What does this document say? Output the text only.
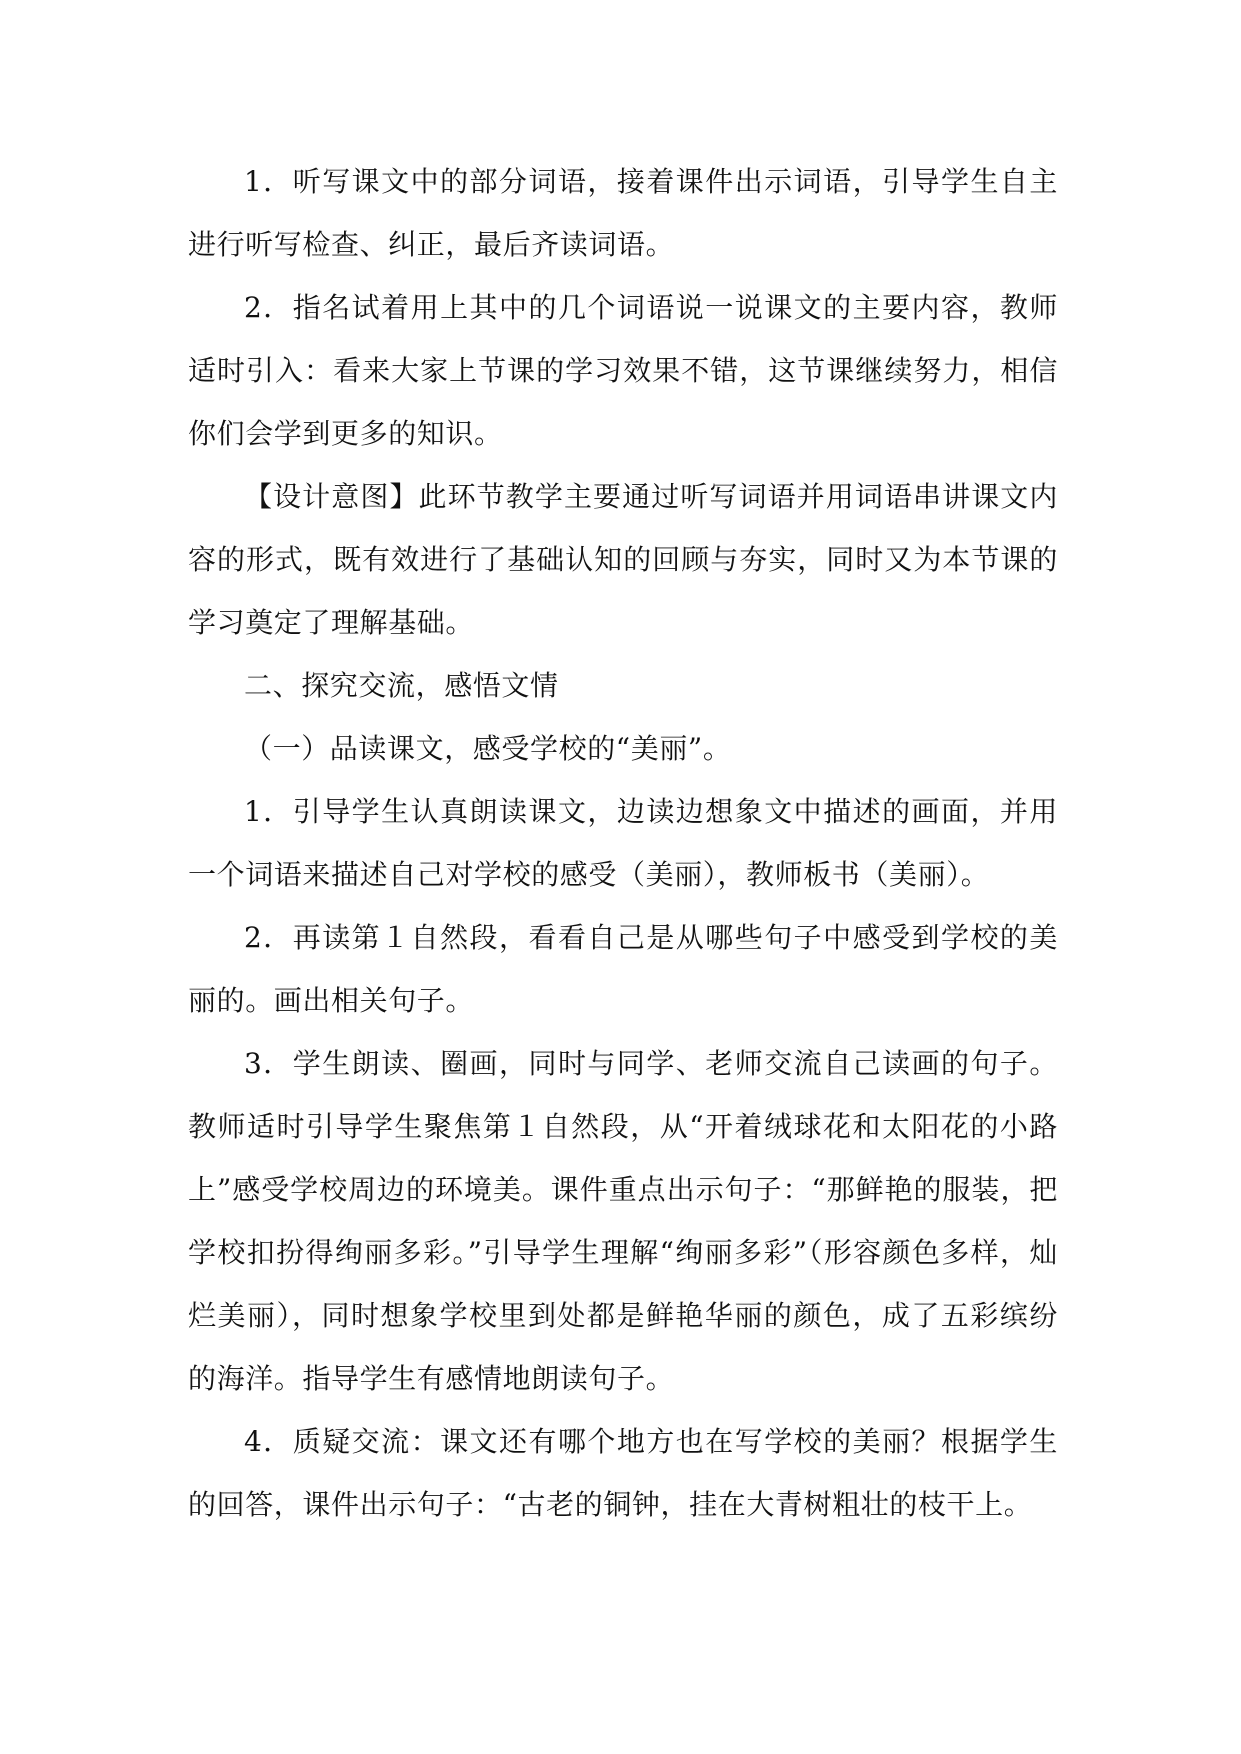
1．听写课文中的部分词语，接着课件出示词语，引导学生自主进行听写检查、纠正，最后齐读词语。

2．指名试着用上其中的几个词语说一说课文的主要内容，教师适时引入：看来大家上节课的学习效果不错，这节课继续努力，相信你们会学到更多的知识。

【设计意图】此环节教学主要通过听写词语并用词语串讲课文内容的形式，既有效进行了基础认知的回顾与夯实，同时又为本节课的学习奠定了理解基础。

二、探究交流，感悟文情

（一）品读课文，感受学校的“美丽”。

1．引导学生认真朗读课文，边读边想象文中描述的画面，并用一个词语来描述自己对学校的感受（美丽），教师板书（美丽）。

2．再读第１自然段，看看自己是从哪些句子中感受到学校的美丽的。画出相关句子。

3．学生朗读、圈画，同时与同学、老师交流自己读画的句子。教师适时引导学生聚焦第１自然段，从“开着绒球花和太阳花的小路上”感受学校周边的环境美。课件重点出示句子：“那鲜艳的服装，把学校扣扮得绚丽多彩。”引导学生理解“绚丽多彩”（形容颜色多样，灿烂美丽），同时想象学校里到处都是鲜艳华丽的颜色，成了五彩缤纷的海洋。指导学生有感情地朗读句子。

4．质疑交流：课文还有哪个地方也在写学校的美丽？根据学生的回答，课件出示句子：“古老的铜钟，挂在大青树粗壮的枝干上。
